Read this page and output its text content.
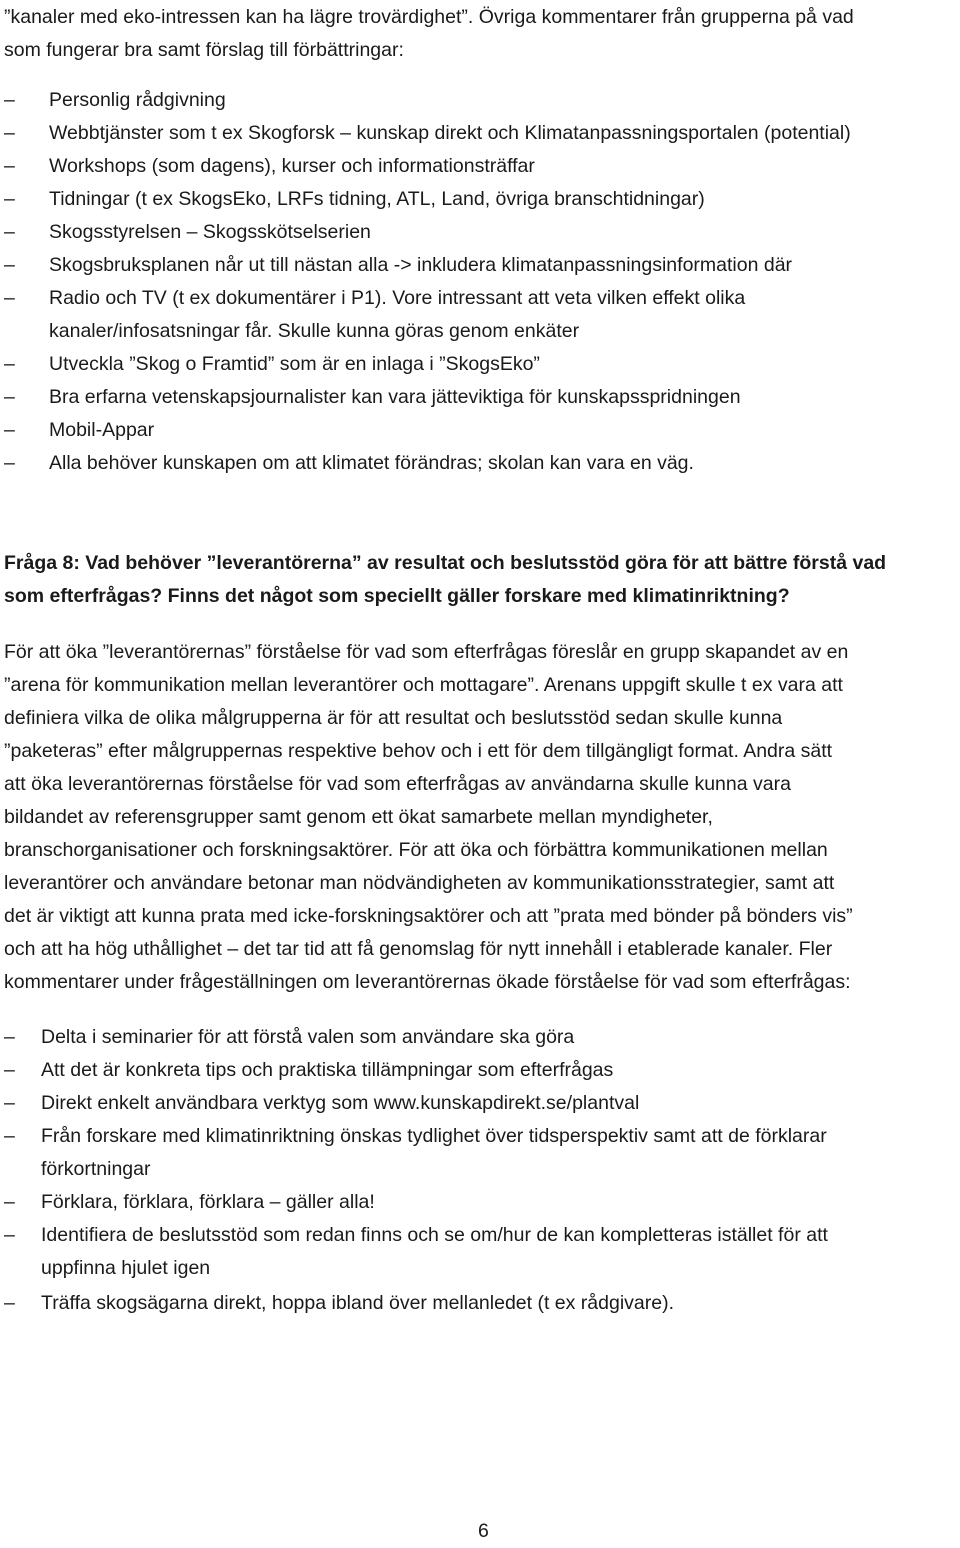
”kanaler med eko-intressen kan ha lägre trovärdighet”. Övriga kommentarer från grupperna på vad
som fungerar bra samt förslag till förbättringar:
– Personlig rådgivning
– Webbtjänster som t ex Skogforsk – kunskap direkt och Klimatanpassningsportalen (potential)
– Workshops (som dagens), kurser och informationsträffar
– Tidningar (t ex SkogsEko, LRFs tidning, ATL, Land, övriga branschtidningar)
– Skogsstyrelsen – Skogsskötselserien
– Skogsbruksplanen når ut till nästan alla -> inkludera klimatanpassningsinformation där
– Radio och TV (t ex dokumentärer i P1). Vore intressant att veta vilken effekt olika
kanaler/infosatsningar får. Skulle kunna göras genom enkäter
– Utveckla ”Skog o Framtid” som är en inlaga i ”SkogsEko”
– Bra erfarna vetenskapsjournalister kan vara jätteviktiga för kunskapsspridningen
– Mobil-Appar
– Alla behöver kunskapen om att klimatet förändras; skolan kan vara en väg.
Fråga 8: Vad behöver ”leverantörerna” av resultat och beslutsstöd göra för att bättre förstå vad
som efterfrågas? Finns det något som speciellt gäller forskare med klimatinriktning?
För att öka ”leverantörernas” förståelse för vad som efterfrågas föreslår en grupp skapandet av en
”arena för kommunikation mellan leverantörer och mottagare”. Arenans uppgift skulle t ex vara att
definiera vilka de olika målgrupperna är för att resultat och beslutsstöd sedan skulle kunna
”paketeras” efter målgruppernas respektive behov och i ett för dem tillgängligt format. Andra sätt
att öka leverantörernas förståelse för vad som efterfrågas av användarna skulle kunna vara
bildandet av referensgrupper samt genom ett ökat samarbete mellan myndigheter,
branschorganisationer och forskningsaktörer. För att öka och förbättra kommunikationen mellan
leverantörer och användare betonar man nödvändigheten av kommunikationsstrategier, samt att
det är viktigt att kunna prata med icke-forskningsaktörer och att ”prata med bönder på bönders vis”
och att ha hög uthållighet – det tar tid att få genomslag för nytt innehåll i etablerade kanaler. Fler
kommentarer under frågeställningen om leverantörernas ökade förståelse för vad som efterfrågas:
– Delta i seminarier för att förstå valen som användare ska göra
– Att det är konkreta tips och praktiska tillämpningar som efterfrågas
– Direkt enkelt användbara verktyg som www.kunskapdirekt.se/plantval
– Från forskare med klimatinriktning önskas tydlighet över tidsperspektiv samt att de förklarar
förkortningar
– Förklara, förklara, förklara – gäller alla!
– Identifiera de beslutsstöd som redan finns och se om/hur de kan kompletteras istället för att
uppfinna hjulet igen
– Träffa skogsägarna direkt, hoppa ibland över mellanledet (t ex rådgivare).
6
